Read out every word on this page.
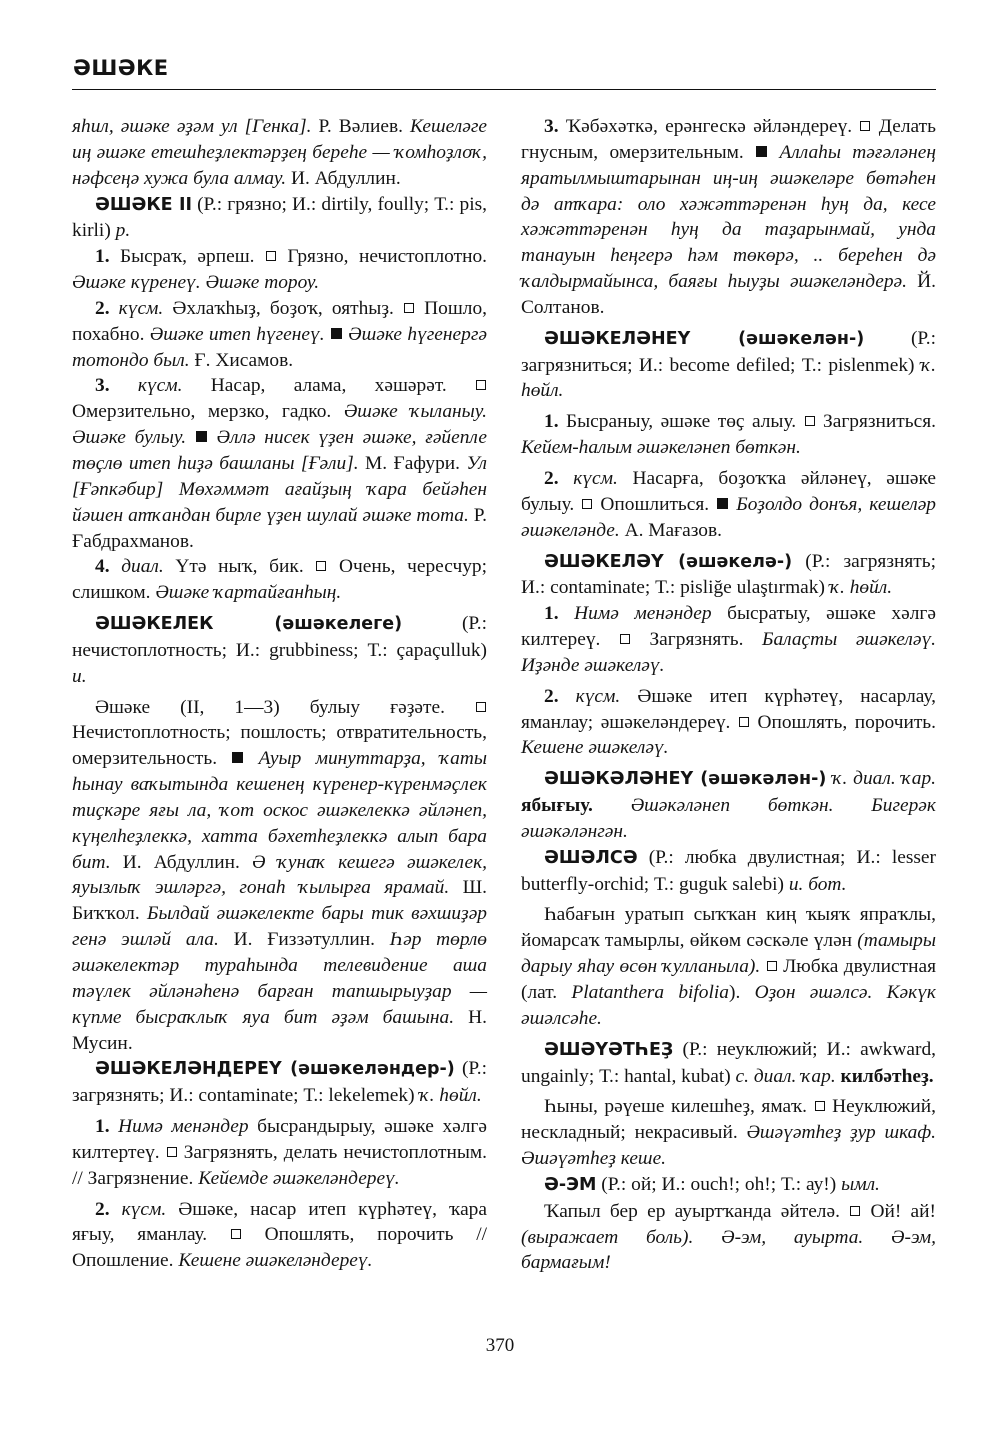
ӘШӘКЕ

яһил, әшәке әҙәм ул [Генка]. Р. Вәлиев. Кешеләге иң әшәке етешһеҙлектәрҙең береһе — ҡомһоҙлоҡ, нәфсеңә хужа була алмау. И. Абдуллин.

ӘШӘКЕ II (Р.: грязно; И.: dirtily, foully; Т.: pis, kirli) р.

1. Бысраҡ, әрпеш.  Грязно, нечистоплотно. Әшәке күренеү. Әшәке тороу.

2. күсм. Әхлаҡһыҙ, боҙоҡ, оятһыҙ.  Пошло, похабно. Әшәке итеп һүгенеү.  Әшәке һүгенергә тотондо был. Ғ. Хисамов.

3. күсм. Насар, алама, хәшәрәт.  Омерзительно, мерзко, гадко. Әшәке ҡыланыу. Әшәке булыу.  Әллә нисек үҙен әшәке, ғәйепле төҫлө итеп һиҙә башланы [Ғәли]. М. Ғафури. Ул [Ғәпкәбир] Мөхәммәт ағайҙың ҡара бейәһен йәшен атҡандан бирле үҙен шулай әшәке тота. Р. Ғабдрахманов.

4. диал. Үтә ныҡ, бик.  Очень, чересчур; слишком. Әшәке ҡартайғанһың.

ӘШӘКЕЛЕК (әшәкелеге) (Р.: нечистоплотность; И.: grubbiness; Т.: çapaçulluk) и.

Әшәке (II, 1—3) булыу ғәҙәте.  Нечистоплотность; пошлость; отвратительность, омерзительность.  Ауыр минуттарҙа, ҡаты һынау ваҡытында кешенең күренер-күренмәҫлек тиҫкәре яғы ла, ҡот оскос әшәкелеккә әйләнеп, күңелһеҙлеккә, хатта бәхетһеҙлеккә алып бара бит. И. Абдуллин. Ә ҡунаҡ кешегә әшәкелек, яуызлыҡ эшләргә, гонаһ ҡылырға ярамай. Ш. Биҡҡол. Былдай әшәкелекте бары тик вәхшиҙәр генә эшләй ала. И. Ғиззәтуллин. Һәр төрлө әшәкелектәр тураһында телевидение аша тәүлек әйләнәһенә барған тапшырыуҙар — күпме бысраҡлыҡ яуа бит әҙәм башына. Н. Мусин.

ӘШӘКЕЛӘНДЕРЕҮ (әшәкеләндер-) (Р.: загрязнять; И.: contaminate; Т.: lekelemek) ҡ. һөйл.

1. Нимә менәндер бысрандырыу, әшәке хәлгә килтертеү.  Загрязнять, делать нечистоплотным. // Загрязнение. Кейемде әшәкеләндереү.

2. күсм. Әшәке, насар итеп күрһәтеү, ҡара яғыу, яманлау.  Опошлять, порочить // Опошление. Кешене әшәкеләндереү.

3. Ҡәбәхәткә, ерәнгескә әйләндереү.  Делать гнусным, омерзительным.  Аллаһы тәғәләнең яратылмыштарынан иң-иң әшәкеләре бөтәһен дә атҡара: оло хәжәттәренән һуң да, кесе хәжәттәренән һуң да таҙарынмай, унда танауын һеңгерә һәм төкөрә, .. береһен дә ҡалдырмайынса, баяғы һыуҙы әшәкеләндерә. Й. Солтанов.

ӘШӘКЕЛӘНЕҮ (әшәкелән-) (Р.: загрязниться; И.: become defiled; Т.: pislenmek) ҡ. һөйл.

1. Бысраныу, әшәке төҫ алыу.  Загрязниться. Кейем-һалым әшәкеләнеп бөткән.

2. күсм. Насарға, боҙоҡҡа әйләнеү, әшәке булыу.  Опошлиться.  Боҙолдо донъя, кешеләр әшәкеләнде. А. Мағазов.

ӘШӘКЕЛӘҮ (әшәкелә-) (Р.: загрязнять; И.: contaminate; Т.: pisliğe ulaştırmak) ҡ. һөйл.

1. Нимә менәндер бысратыу, әшәке хәлгә килтереү.  Загрязнять. Балаҫты әшәкеләү. Иҙәнде әшәкеләү.

2. күсм. Әшәке итеп күрһәтеү, насарлау, яманлау; әшәкеләндереү.  Опошлять, порочить. Кешене әшәкеләү.

ӘШӘКӘЛӘНЕҮ (әшәкәлән-) ҡ. диал. ҡар. ябығыу. Әшәкәләнеп бөткән. Бигерәк әшәкәләнгән.

ӘШӘЛСӘ (Р.: любка двулистная; И.: lesser butterfly-orchid; Т.: guguk salebi) и. бот.

Һабағын уратып сыҡҡан киң ҡыяҡ япраҡлы, йомарсаҡ тамырлы, өйкөм сәскәле үлән (тамыры дарыу яһау өсөн ҡулланыла).  Любка двулистная (лат. Platanthera bifolia). Оҙон әшәлсә. Кәкүк әшәлсәһе.

ӘШӘҮӘТҺЕҘ (Р.: неуклюжий; И.: awkward, ungainly; Т.: hantal, kubat) с. диал. ҡар. килбәтһеҙ.

Һыны, рәүеше килешһеҙ, ямаҡ.  Неуклюжий, нескладный; некрасивый. Әшәүәтһеҙ ҙур шкаф. Әшәүәтһеҙ кеше.

Ә-ЭМ (Р.: ой; И.: ouch!; oh!; Т.: ау!) ымл.

Ҡапыл бер ер ауыртҡанда әйтелә.  Ой! ай! (выражает боль). Ә-эм, ауырта. Ә-эм, бармағым!

370
